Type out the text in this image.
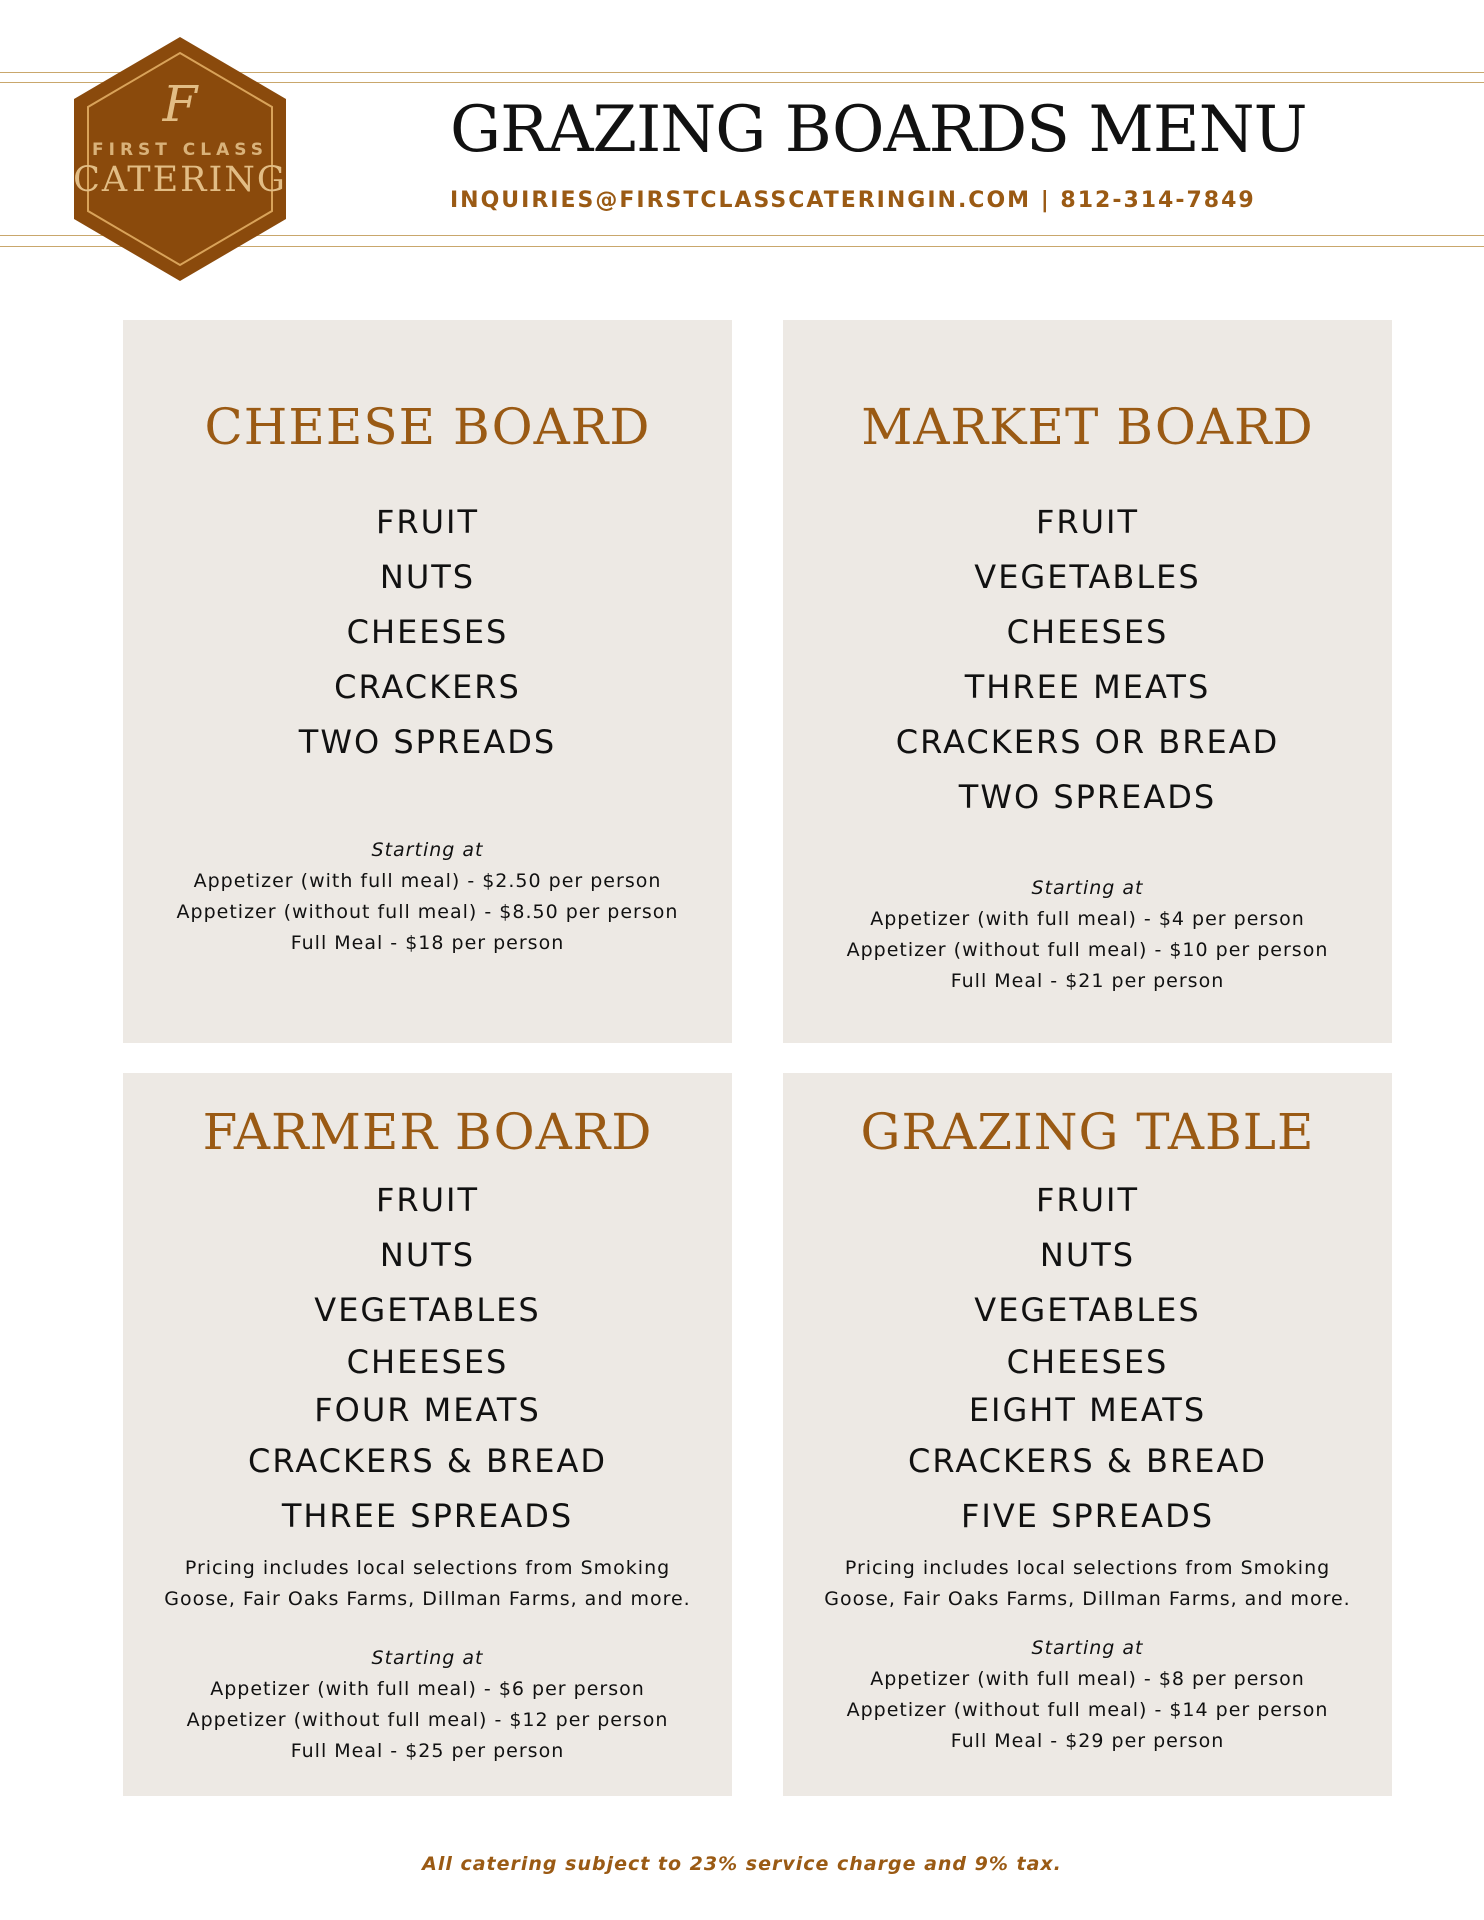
F
FIRST CLASS
CATERING
GRAZING BOARDS MENU
INQUIRIES@FIRSTCLASSCATERINGIN.COM | 812-314-7849
CHEESE BOARD
FRUIT
NUTS
CHEESES
CRACKERS
TWO SPREADS
Starting at
Appetizer (with full meal) - $2.50 per person
Appetizer (without full meal) - $8.50 per person
Full Meal - $18 per person
MARKET BOARD
FRUIT
VEGETABLES
CHEESES
THREE MEATS
CRACKERS OR BREAD
TWO SPREADS
Starting at
Appetizer (with full meal) - $4 per person
Appetizer (without full meal) - $10 per person
Full Meal - $21 per person
FARMER BOARD
FRUIT
NUTS
VEGETABLES
CHEESES
FOUR MEATS
CRACKERS & BREAD
THREE SPREADS
Pricing includes local selections from Smoking
Goose, Fair Oaks Farms, Dillman Farms, and more.
Starting at
Appetizer (with full meal) - $6 per person
Appetizer (without full meal) - $12 per person
Full Meal - $25 per person
GRAZING TABLE
FRUIT
NUTS
VEGETABLES
CHEESES
EIGHT MEATS
CRACKERS & BREAD
FIVE SPREADS
Pricing includes local selections from Smoking
Goose, Fair Oaks Farms, Dillman Farms, and more.
Starting at
Appetizer (with full meal) - $8 per person
Appetizer (without full meal) - $14 per person
Full Meal - $29 per person
All catering subject to 23% service charge and 9% tax.
